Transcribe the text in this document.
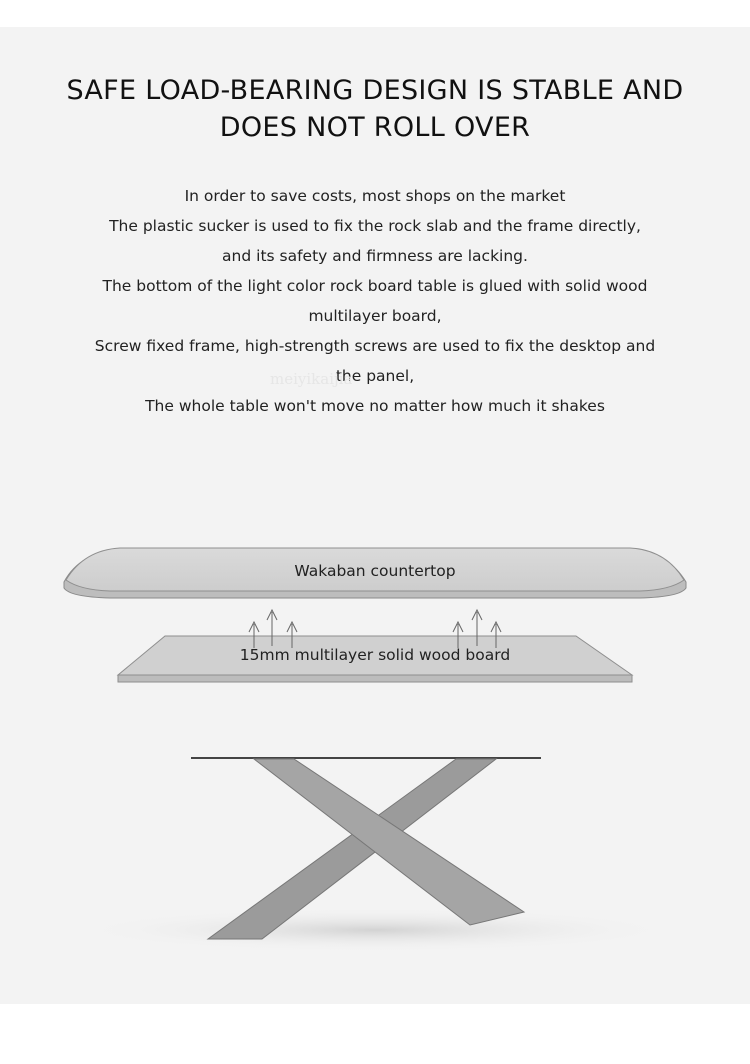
SAFE LOAD-BEARING DESIGN IS STABLE AND
DOES NOT ROLL OVER
In order to save costs, most shops on the market
The plastic sucker is used to fix the rock slab and the frame directly,
and its safety and firmness are lacking.
The bottom of the light color rock board table is glued with solid wood
multilayer board,
Screw fixed frame, high-strength screws are used to fix the desktop and
the panel,
The whole table won't move no matter how much it shakes
meiyikaijia
Wakaban countertop
15mm multilayer solid wood board
